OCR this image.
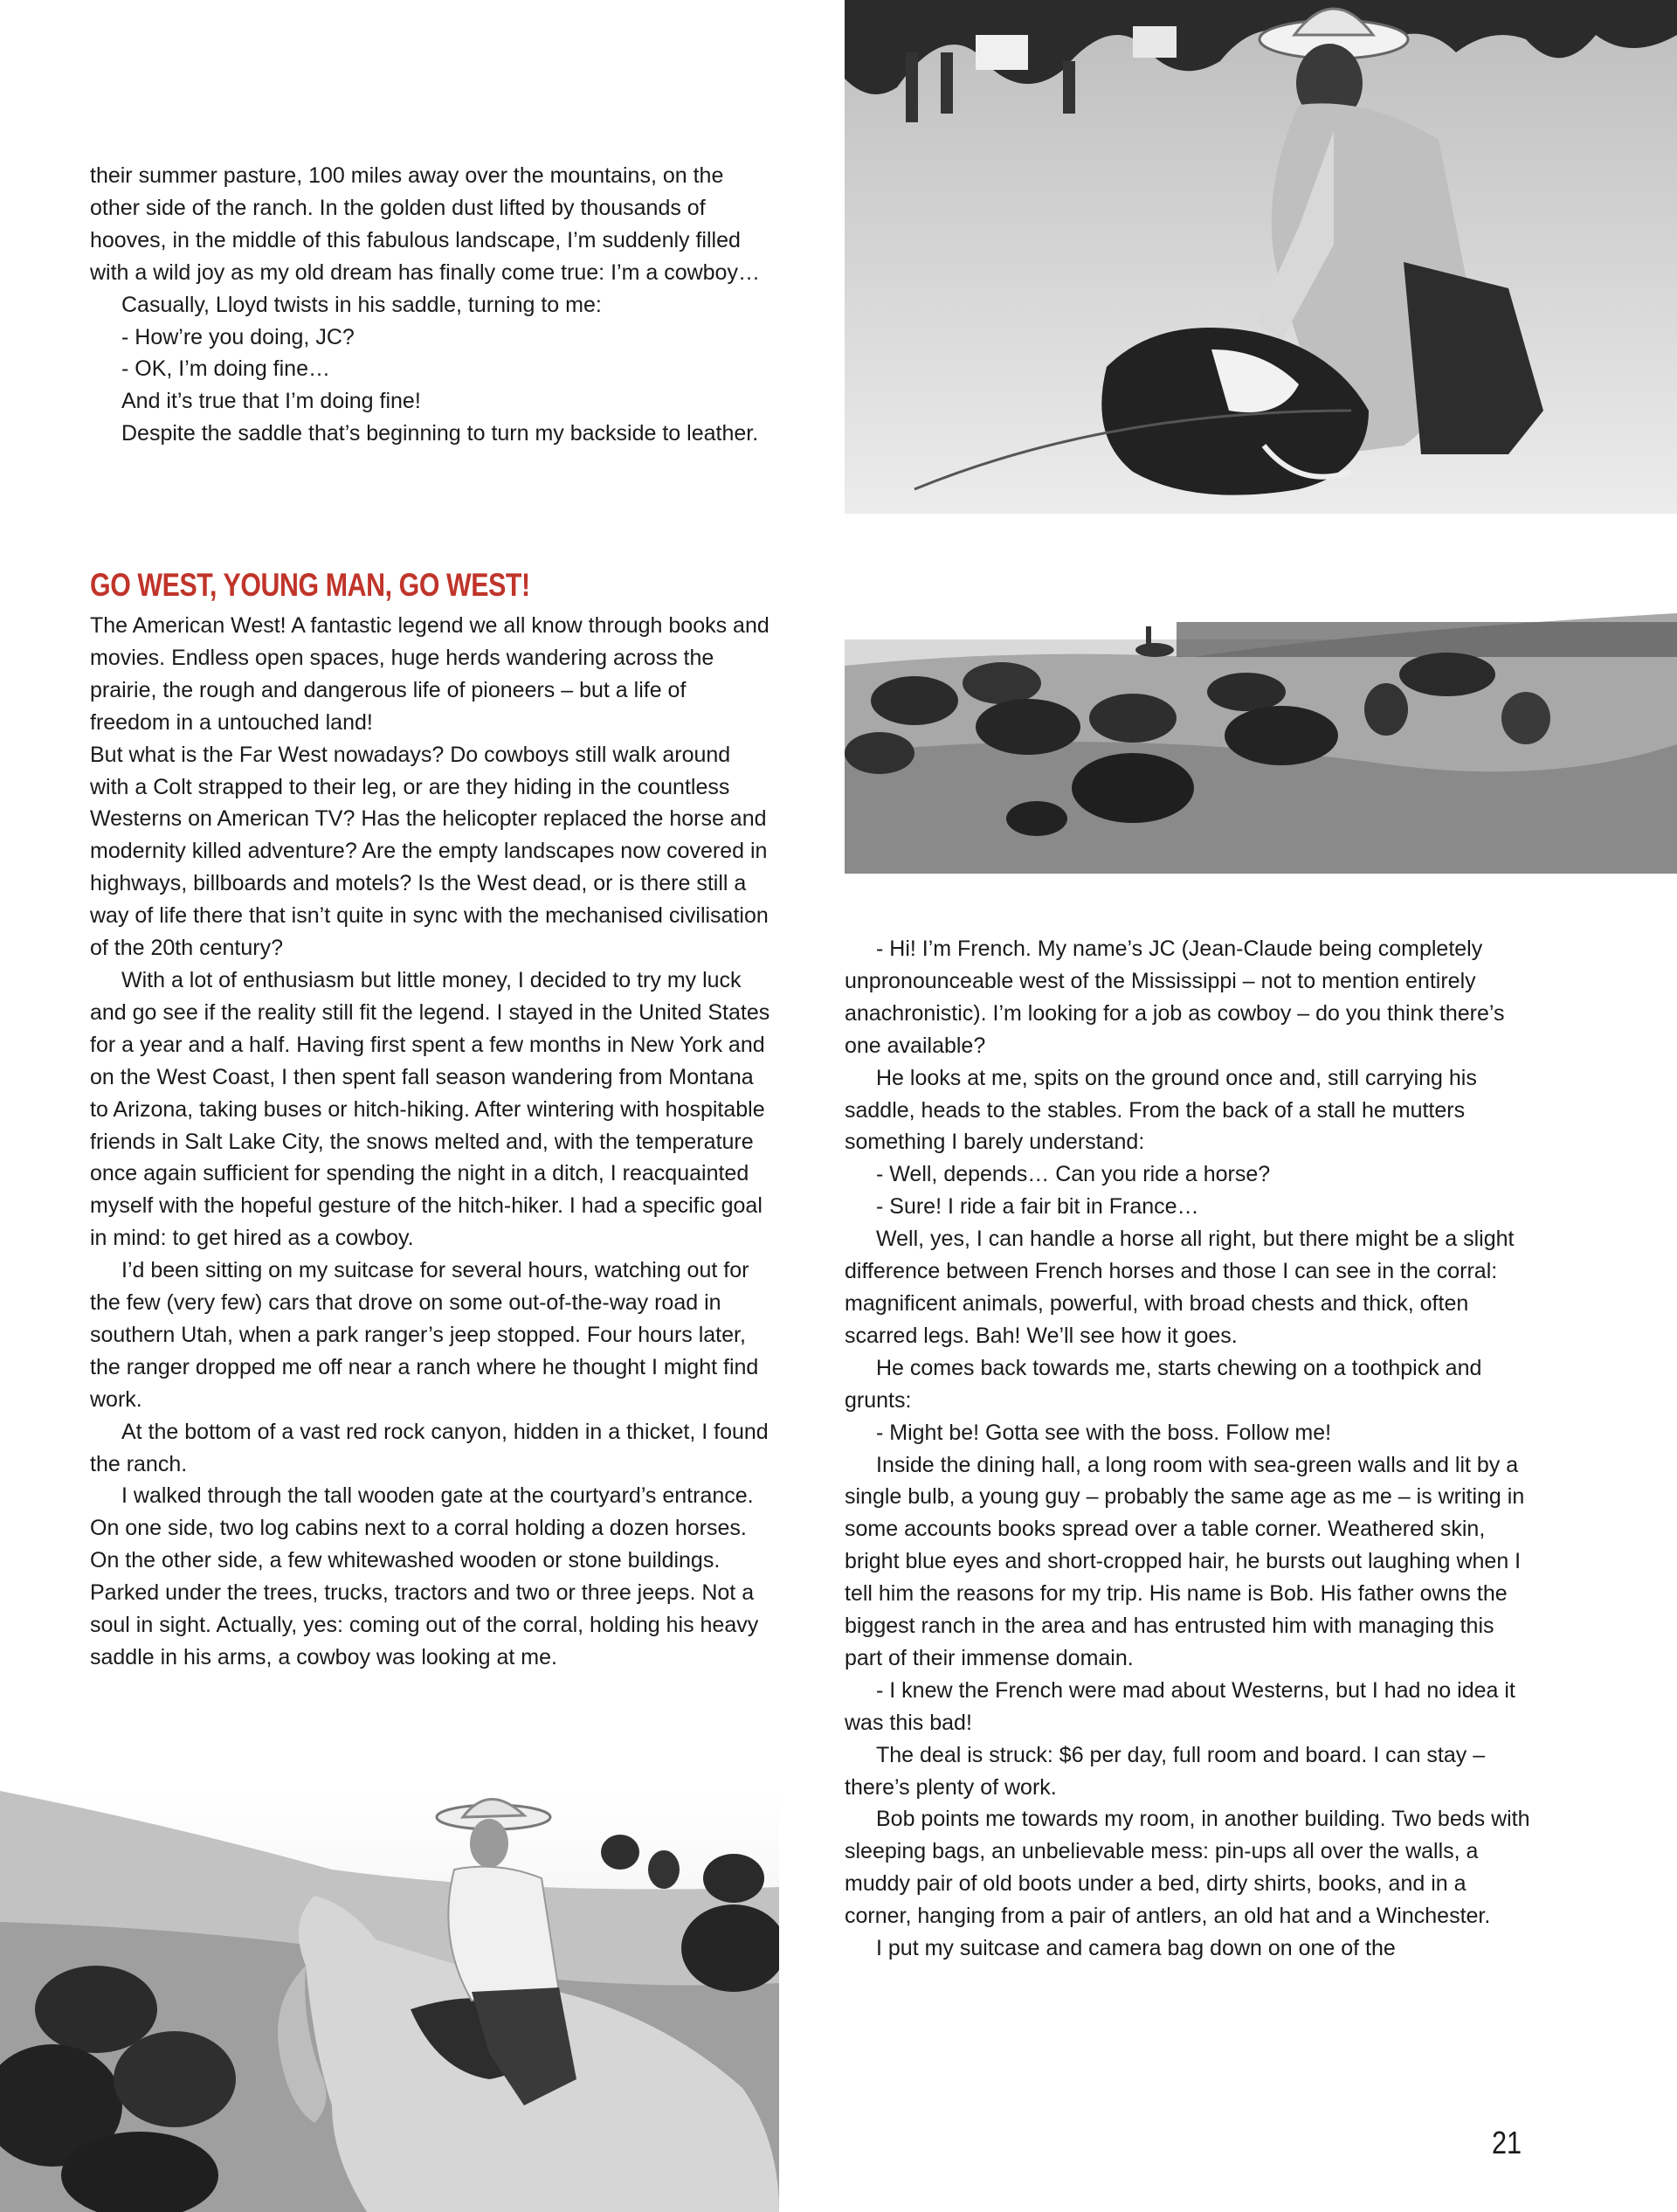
their summer pasture, 100 miles away over the mountains, on the other side of the ranch. In the golden dust lifted by thousands of hooves, in the middle of this fabulous landscape, I’m suddenly filled with a wild joy as my old dream has finally come true: I’m a cowboy…

Casually, Lloyd twists in his saddle, turning to me:

- How’re you doing, JC?

- OK, I’m doing fine…

And it’s true that I’m doing fine!

Despite the saddle that’s beginning to turn my backside to leather.

GO WEST, YOUNG MAN, GO WEST!

The American West! A fantastic legend we all know through books and movies. Endless open spaces, huge herds wandering across the prairie, the rough and dangerous life of pioneers – but a life of freedom in a untouched land!

But what is the Far West nowadays? Do cowboys still walk around with a Colt strapped to their leg, or are they hiding in the countless Westerns on American TV? Has the helicopter replaced the horse and modernity killed adventure? Are the empty landscapes now covered in highways, billboards and motels? Is the West dead, or is there still a way of life there that isn’t quite in sync with the mechanised civilisation of the 20th century?

With a lot of enthusiasm but little money, I decided to try my luck and go see if the reality still fit the legend. I stayed in the United States for a year and a half. Having first spent a few months in New York and on the West Coast, I then spent fall season wandering from Montana to Arizona, taking buses or hitch-hiking. After wintering with hospitable friends in Salt Lake City, the snows melted and, with the temperature once again sufficient for spending the night in a ditch, I reacquainted myself with the hopeful gesture of the hitch-hiker. I had a specific goal in mind: to get hired as a cowboy.

I’d been sitting on my suitcase for several hours, watching out for the few (very few) cars that drove on some out-of-the-way road in southern Utah, when a park ranger’s jeep stopped. Four hours later, the ranger dropped me off near a ranch where he thought I might find work.

At the bottom of a vast red rock canyon, hidden in a thicket, I found the ranch.

I walked through the tall wooden gate at the courtyard’s entrance. On one side, two log cabins next to a corral holding a dozen horses. On the other side, a few whitewashed wooden or stone buildings. Parked under the trees, trucks, tractors and two or three jeeps. Not a soul in sight. Actually, yes: coming out of the corral, holding his heavy saddle in his arms, a cowboy was looking at me.

- Hi! I’m French. My name’s JC (Jean-Claude being completely unpronounceable west of the Mississippi – not to mention entirely anachronistic). I’m looking for a job as cowboy – do you think there’s one available?

He looks at me, spits on the ground once and, still carrying his saddle, heads to the stables. From the back of a stall he mutters something I barely understand:

- Well, depends… Can you ride a horse?

- Sure! I ride a fair bit in France…

Well, yes, I can handle a horse all right, but there might be a slight difference between French horses and those I can see in the corral: magnificent animals, powerful, with broad chests and thick, often scarred legs. Bah! We’ll see how it goes.

He comes back towards me, starts chewing on a toothpick and grunts:

- Might be! Gotta see with the boss. Follow me!

Inside the dining hall, a long room with sea-green walls and lit by a single bulb, a young guy – probably the same age as me – is writing in some accounts books spread over a table corner. Weathered skin, bright blue eyes and short-cropped hair, he bursts out laughing when I tell him the reasons for my trip. His name is Bob. His father owns the biggest ranch in the area and has entrusted him with managing this part of their immense domain.

- I knew the French were mad about Westerns, but I had no idea it was this bad!

The deal is struck: $6 per day, full room and board. I can stay – there’s plenty of work.

Bob points me towards my room, in another building. Two beds with sleeping bags, an unbelievable mess: pin-ups all over the walls, a muddy pair of old boots under a bed, dirty shirts, books, and in a corner, hanging from a pair of antlers, an old hat and a Winchester.

I put my suitcase and camera bag down on one of the

21
